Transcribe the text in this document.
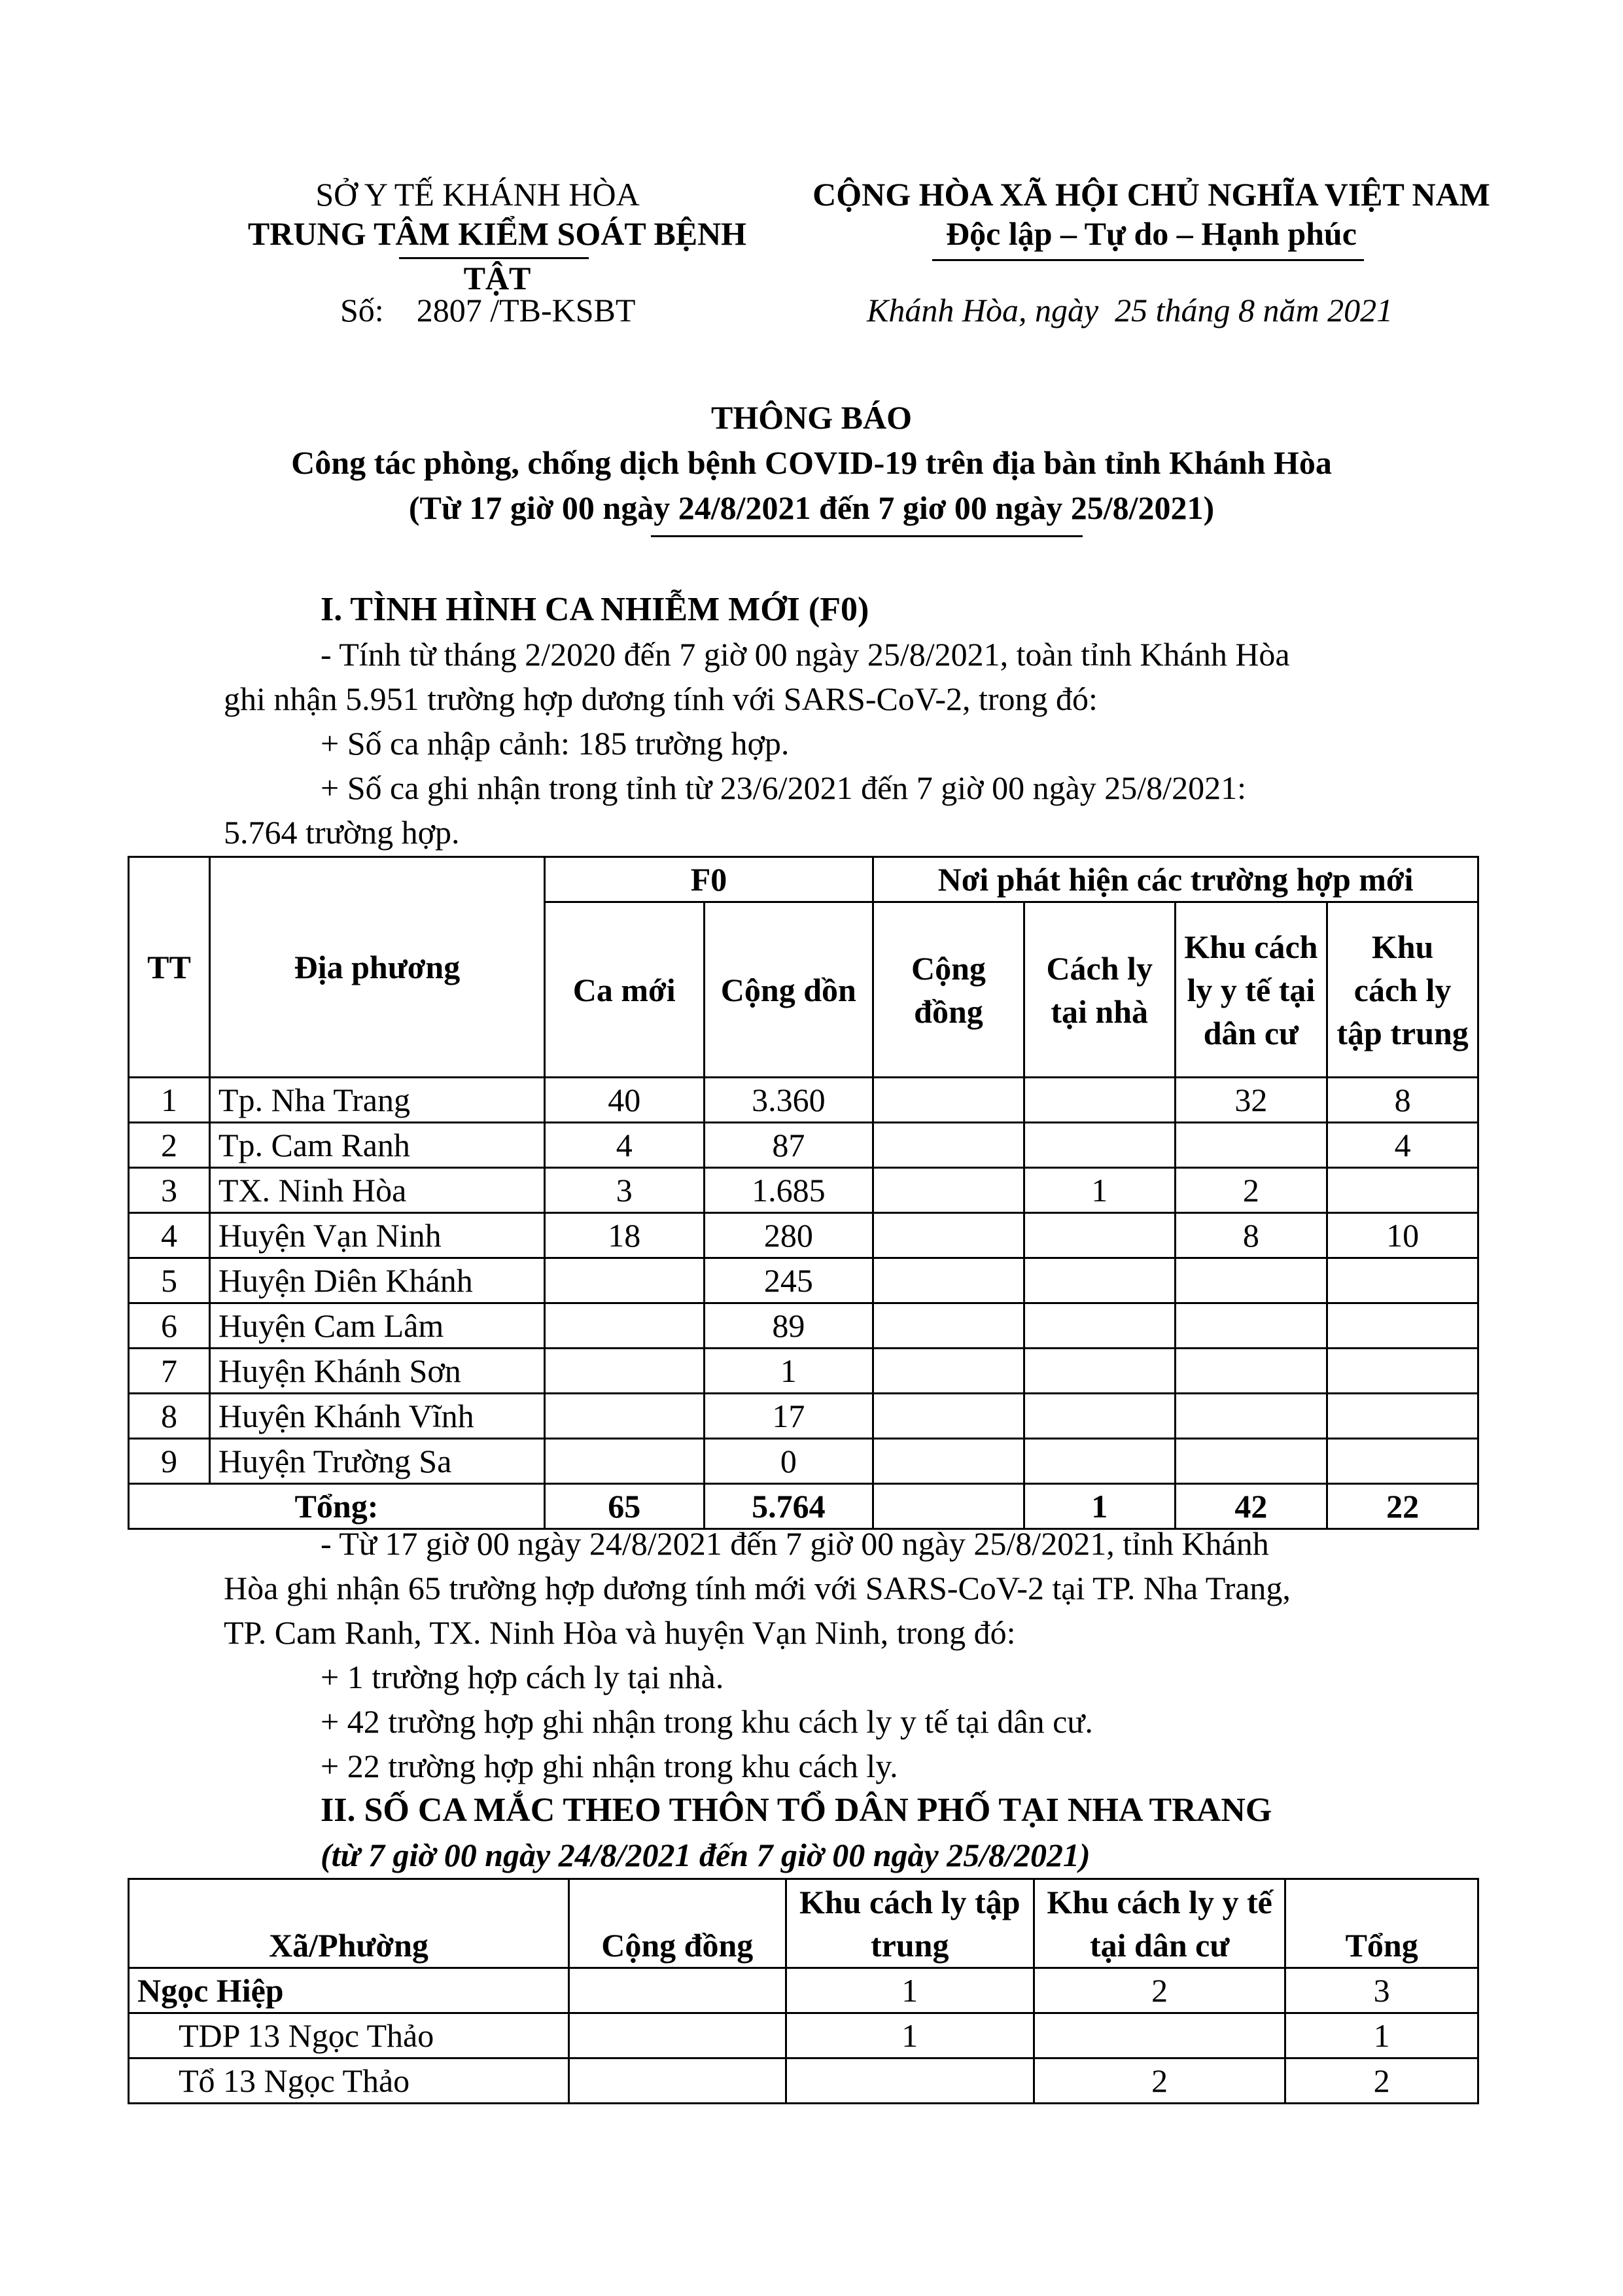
SỞ Y TẾ KHÁNH HÒA
TRUNG TÂM KIỂM SOÁT BỆNH TẬT
CỘNG HÒA XÃ HỘI CHỦ NGHĨA VIỆT NAM
Độc lập – Tự do – Hạnh phúc
Số:    2807 /TB-KSBT	Khánh Hòa, ngày  25 tháng 8 năm 2021
THÔNG BÁO
Công tác phòng, chống dịch bệnh COVID-19 trên địa bàn tỉnh Khánh Hòa
(Từ 17 giờ 00 ngày 24/8/2021 đến 7 giơ 00 ngày 25/8/2021)
I. TÌNH HÌNH CA NHIỄM MỚI (F0)
- Tính từ tháng 2/2020 đến 7 giờ 00 ngày 25/8/2021, toàn tỉnh Khánh Hòa
ghi nhận 5.951 trường hợp dương tính với SARS-CoV-2, trong đó:
+ Số ca nhập cảnh: 185 trường hợp.
+ Số ca ghi nhận trong tỉnh từ 23/6/2021 đến 7 giờ 00 ngày 25/8/2021:
5.764 trường hợp.
TT	Địa phương	F0		Nơi phát hiện các trường hợp mới			
		Ca mới	Cộng dồn	Cộng đồng	Cách ly tại nhà	Khu cách ly y tế tại dân cư	Khu cách ly tập trung
1	Tp. Nha Trang	40	3.360			32	8
2	Tp. Cam Ranh	4	87				4
3	TX. Ninh Hòa	3	1.685		1	2	
4	Huyện Vạn Ninh	18	280			8	10
5	Huyện Diên Khánh		245				
6	Huyện Cam Lâm		89				
7	Huyện Khánh Sơn		1				
8	Huyện Khánh Vĩnh		17				
9	Huyện Trường Sa		0				
Tổng:		65	5.764		1	42	22
- Từ 17 giờ 00 ngày 24/8/2021 đến 7 giờ 00 ngày 25/8/2021, tỉnh Khánh
Hòa ghi nhận 65 trường hợp dương tính mới với SARS-CoV-2 tại TP. Nha Trang,
TP. Cam Ranh, TX. Ninh Hòa và huyện Vạn Ninh, trong đó:
+ 1 trường hợp cách ly tại nhà.
+ 42 trường hợp ghi nhận trong khu cách ly y tế tại dân cư.
+ 22 trường hợp ghi nhận trong khu cách ly.
II. SỐ CA MẮC THEO THÔN TỔ DÂN PHỐ TẠI NHA TRANG
(từ 7 giờ 00 ngày 24/8/2021 đến 7 giờ 00 ngày 25/8/2021)
Xã/Phường	Cộng đồng	Khu cách ly tập trung	Khu cách ly y tế tại dân cư	Tổng
Ngọc Hiệp		1	2	3
TDP 13 Ngọc Thảo		1		1
Tổ 13 Ngọc Thảo			2	2
